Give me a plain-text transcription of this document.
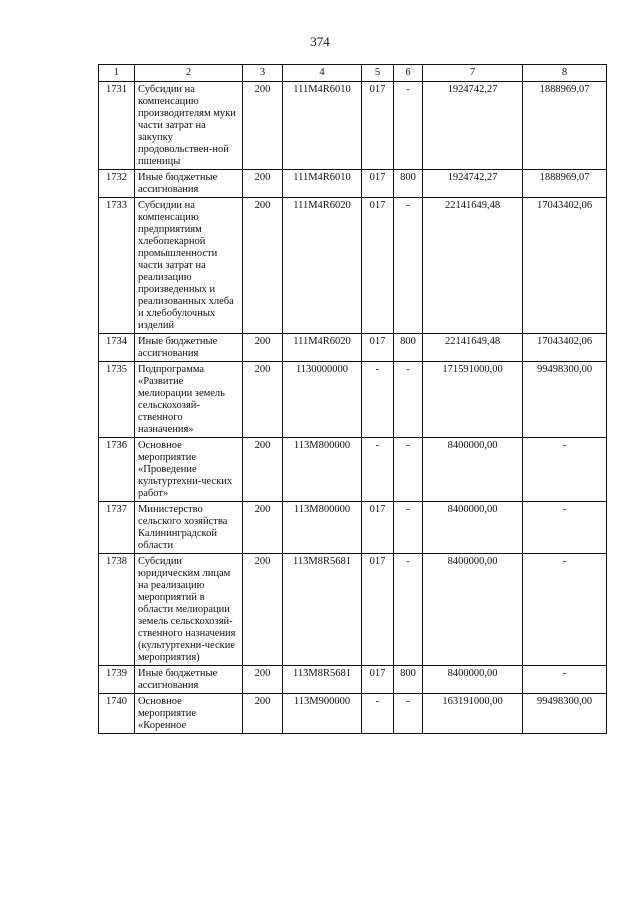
374
1	2	3	4	5	6	7	8
1731	Субсидии на компенсацию производителям муки части затрат на закупку продовольствен-ной пшеницы	200	111M4R6010	017	-	1924742,27	1888969,07
1732	Иные бюджетные ассигнования	200	111M4R6010	017	800	1924742,27	1888969,07
1733	Субсидии на компенсацию предприятиям хлебопекарной промышленности части затрат на реализацию произведенных и реализованных хлеба и хлебобулочных изделий	200	111M4R6020	017	-	22141649,48	17043402,06
1734	Иные бюджетные ассигнования	200	111M4R6020	017	800	22141649,48	17043402,06
1735	Подпрограмма «Развитие мелиорации земель сельскохозяй-ственного назначения»	200	1130000000	-	-	171591000,00	99498300,00
1736	Основное мероприятие «Проведение культуртехни-ческих работ»	200	113M800000	-	-	8400000,00	-
1737	Министерство сельского хозяйства Калининградской области	200	113M800000	017	-	8400000,00	-
1738	Субсидии юридическим лицам на реализацию мероприятий в области мелиорации земель сельскохозяй-ственного назначения (культуртехни-ческие мероприятия)	200	113M8R5681	017	-	8400000,00	-
1739	Иные бюджетные ассигнования	200	113M8R5681	017	800	8400000,00	-
1740	Основное мероприятие «Коренное	200	113M900000	-	-	163191000,00	99498300,00
